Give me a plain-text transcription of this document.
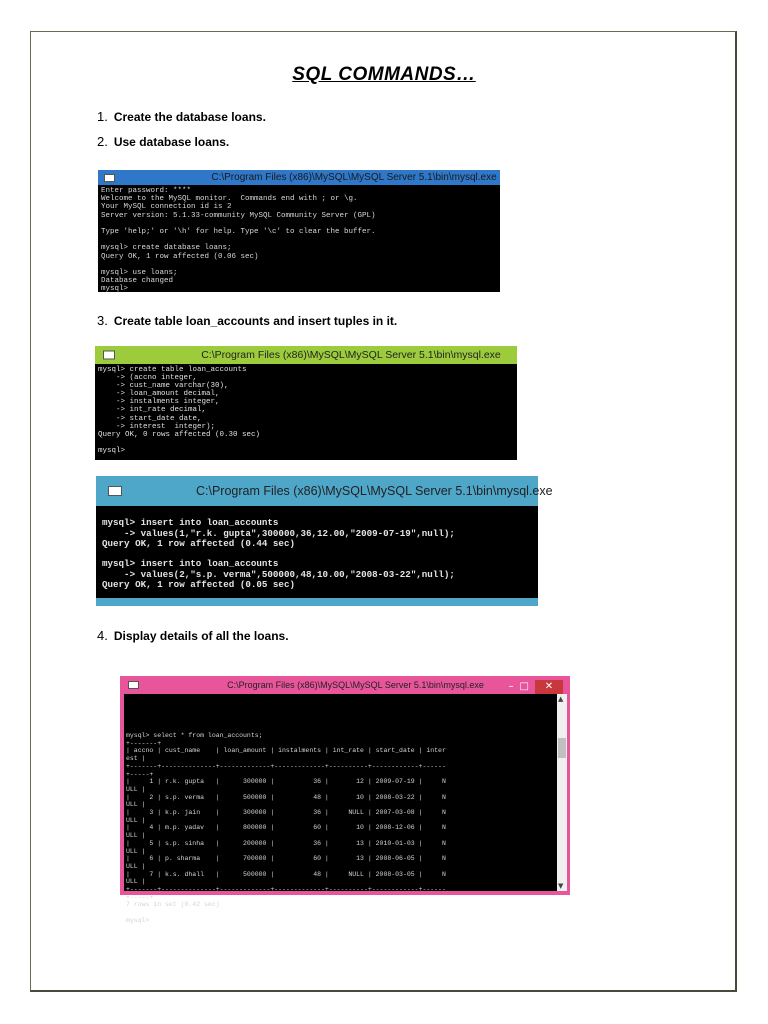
SQL COMMANDS…
1. Create the database loans.
2. Use database loans.
C:\Program Files (x86)\MySQL\MySQL Server 5.1\bin\mysql.exe
Enter password: ****
Welcome to the MySQL monitor.  Commands end with ; or \g.
Your MySQL connection id is 2
Server version: 5.1.33-community MySQL Community Server (GPL)

Type 'help;' or '\h' for help. Type '\c' to clear the buffer.

mysql> create database loans;
Query OK, 1 row affected (0.06 sec)

mysql> use loans;
Database changed
mysql>
3. Create table loan_accounts and insert tuples in it.
C:\Program Files (x86)\MySQL\MySQL Server 5.1\bin\mysql.exe
mysql> create table loan_accounts
-> (accno integer,
-> cust_name varchar(30),
-> loan_amount decimal,
-> instalments integer,
-> int_rate decimal,
-> start_date date,
-> interest  integer);
Query OK, 0 rows affected (0.30 sec)

mysql>
C:\Program Files (x86)\MySQL\MySQL Server 5.1\bin\mysql.exe

mysql> insert into loan_accounts
-> values(1,"r.k. gupta",300000,36,12.00,"2009-07-19",null);
Query OK, 1 row affected (0.44 sec)

mysql> insert into loan_accounts
-> values(2,"s.p. verma",500000,48,10.00,"2008-03-22",null);
Query OK, 1 row affected (0.05 sec)
4. Display details of all the loans.
C:\Program Files (x86)\MySQL\MySQL Server 5.1\bin\mysql.exe – □	✕

mysql> select * from loan_accounts;
+-------+
| accno | cust_name    | loan_amount | instalments | int_rate | start_date | inter
est |
+-------+--------------+-------------+-------------+----------+------------+------
+-----+
|     1 | r.k. gupta   |      300000 |          36 |       12 | 2009-07-19 |     N
ULL |
|     2 | s.p. verma   |      500000 |          48 |       10 | 2008-03-22 |     N
ULL |
|     3 | k.p. jain    |      300000 |          36 |     NULL | 2007-03-08 |     N
ULL |
|     4 | m.p. yadav   |      800000 |          60 |       10 | 2008-12-06 |     N
ULL |
|     5 | s.p. sinha   |      200000 |          36 |       13 | 2010-01-03 |     N
ULL |
|     6 | p. sharma    |      700000 |          60 |       13 | 2008-06-05 |     N
ULL |
|     7 | k.s. dhall   |      500000 |          48 |     NULL | 2008-03-05 |     N
ULL |
+-------+--------------+-------------+-------------+----------+------------+------
+-----+
7 rows in set (0.42 sec)

mysql>

▲

▼
